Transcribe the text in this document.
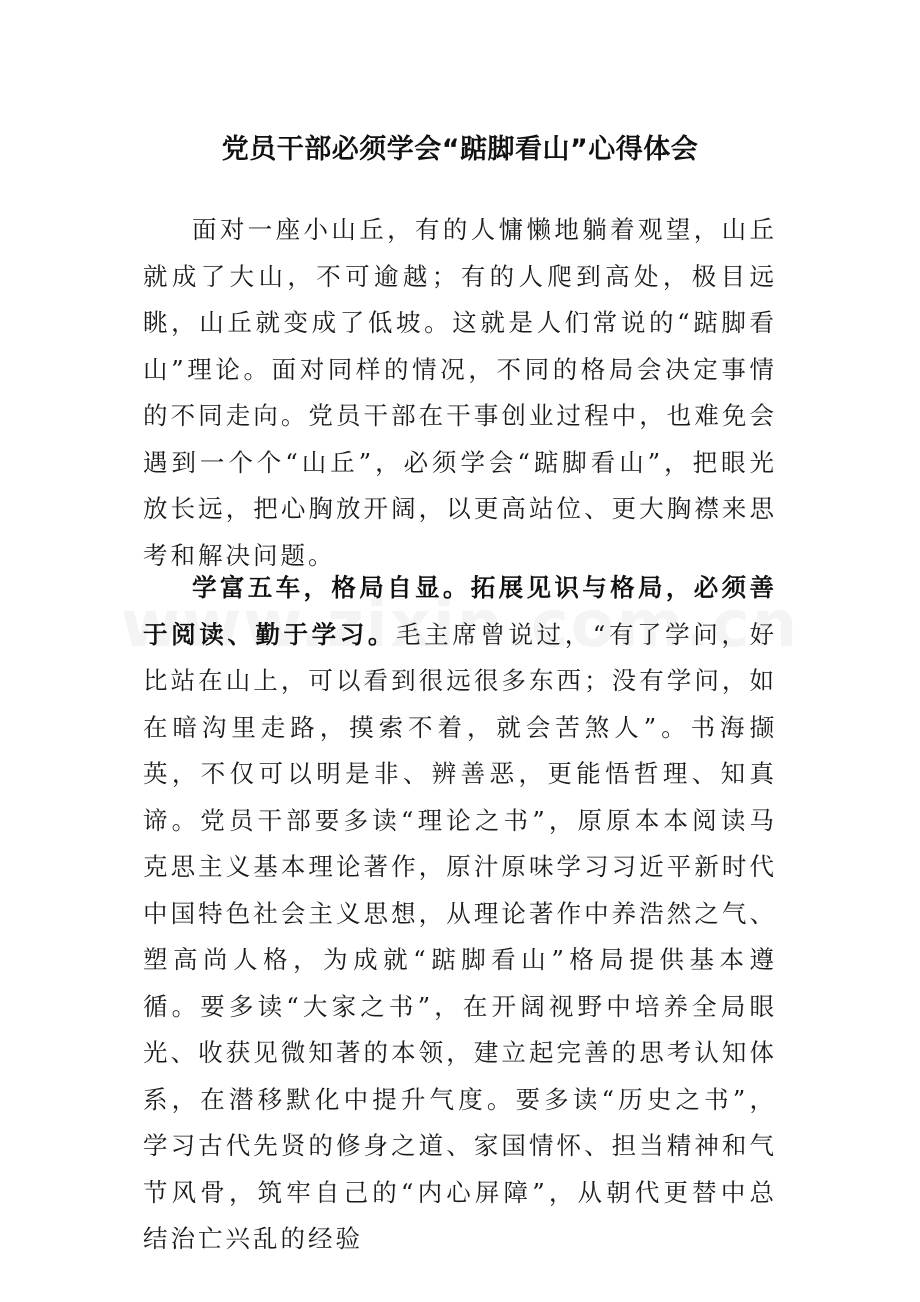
党员干部必须学会“踮脚看山”心得体会

面对一座小山丘，有的人慵懒地躺着观望，山丘就成了大山，不可逾越；有的人爬到高处，极目远眺，山丘就变成了低坡。这就是人们常说的“踮脚看山”理论。面对同样的情况，不同的格局会决定事情的不同走向。党员干部在干事创业过程中，也难免会遇到一个个“山丘”，必须学会“踮脚看山”，把眼光放长远，把心胸放开阔，以更高站位、更大胸襟来思考和解决问题。

学富五车，格局自显。拓展见识与格局，必须善于阅读、勤于学习。毛主席曾说过，“有了学问，好比站在山上，可以看到很远很多东西；没有学问，如在暗沟里走路，摸索不着，就会苦煞人”。书海撷英，不仅可以明是非、辨善恶，更能悟哲理、知真谛。党员干部要多读“理论之书”，原原本本阅读马克思主义基本理论著作，原汁原味学习习近平新时代中国特色社会主义思想，从理论著作中养浩然之气、塑高尚人格，为成就“踮脚看山”格局提供基本遵循。要多读“大家之书”，在开阔视野中培养全局眼光、收获见微知著的本领，建立起完善的思考认知体系，在潜移默化中提升气度。要多读“历史之书”，学习古代先贤的修身之道、家国情怀、担当精神和气节风骨，筑牢自己的“内心屏障”，从朝代更替中总结治亡兴乱的经验
